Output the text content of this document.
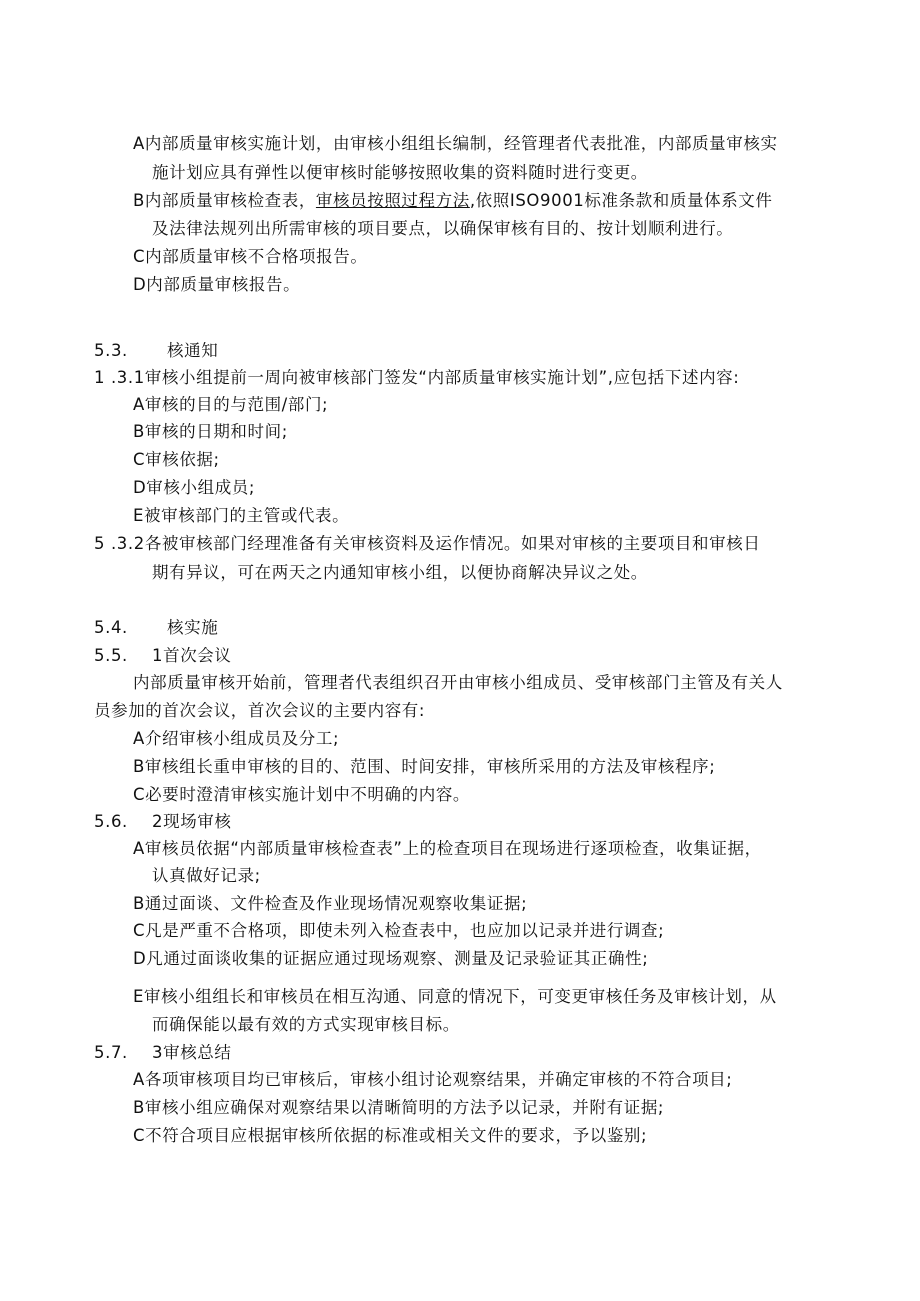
A内部质量审核实施计划，由审核小组组长编制，经管理者代表批准，内部质量审核实
施计划应具有弹性以便审核时能够按照收集的资料随时进行变更。
B内部质量审核检查表，审核员按照过程方法,依照ISO9001标准条款和质量体系文件
及法律法规列出所需审核的项目要点，以确保审核有目的、按计划顺利进行。
C内部质量审核不合格项报告。
D内部质量审核报告。
5.3. 核通知
1 .3.1审核小组提前一周向被审核部门签发“内部质量审核实施计划”,应包括下述内容:
A审核的目的与范围/部门;
B审核的日期和时间;
C审核依据;
D审核小组成员;
E被审核部门的主管或代表。
5 .3.2各被审核部门经理准备有关审核资料及运作情况。如果对审核的主要项目和审核日
期有异议，可在两天之内通知审核小组，以便协商解决异议之处。
5.4. 核实施
5.5. 1首次会议
内部质量审核开始前，管理者代表组织召开由审核小组成员、受审核部门主管及有关人
员参加的首次会议，首次会议的主要内容有:
A介绍审核小组成员及分工;
B审核组长重申审核的目的、范围、时间安排，审核所采用的方法及审核程序;
C必要时澄清审核实施计划中不明确的内容。
5.6. 2现场审核
A审核员依据“内部质量审核检查表”上的检查项目在现场进行逐项检查，收集证据，
认真做好记录;
B通过面谈、文件检查及作业现场情况观察收集证据;
C凡是严重不合格项，即使未列入检查表中，也应加以记录并进行调查;
D凡通过面谈收集的证据应通过现场观察、测量及记录验证其正确性;
E审核小组组长和审核员在相互沟通、同意的情况下，可变更审核任务及审核计划，从
而确保能以最有效的方式实现审核目标。
5.7. 3审核总结
A各项审核项目均已审核后，审核小组讨论观察结果，并确定审核的不符合项目;
B审核小组应确保对观察结果以清晰简明的方法予以记录，并附有证据;
C不符合项目应根据审核所依据的标准或相关文件的要求，予以鉴别;
